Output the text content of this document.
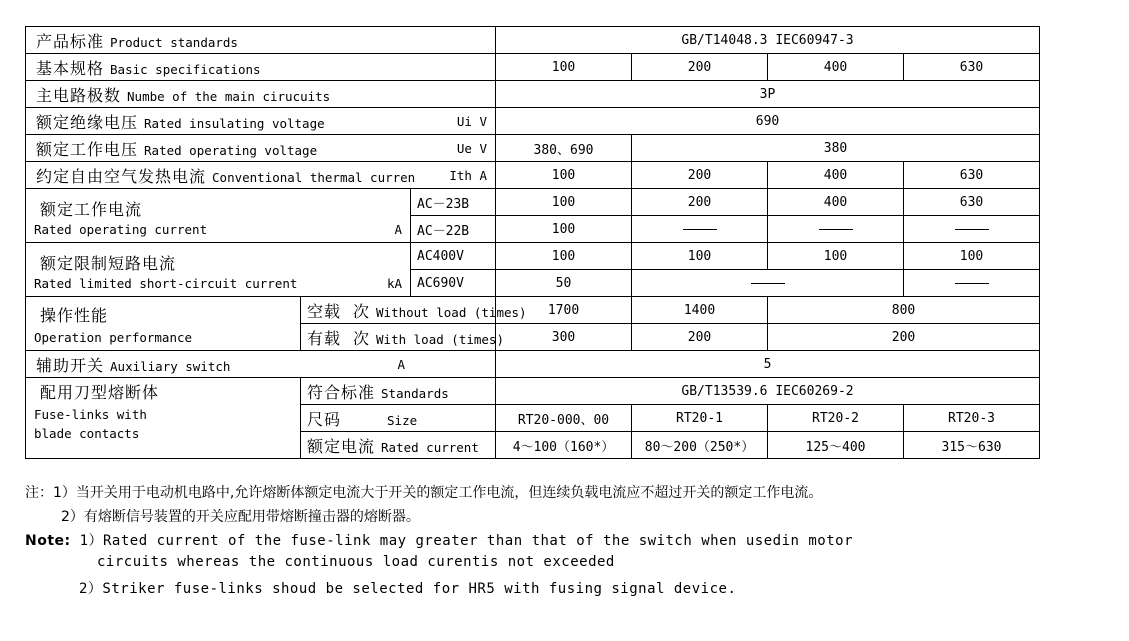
产品标准 Product standards			GB/T14048.3 IEC60947-3			
基本规格 Basic specifications			100	200	400	630
主电路极数 Numbe of the main cirucuits			3P			

额定绝缘电压 Rated insulating voltage Ui V			690			

额定工作电压 Rated operating voltage Ue V			380、690	380		

约定自由空气发热电流 Conventional thermal curren Ith A			100	200	400	630

额定工作电流
Rated operating current A		AC－23B	100	200	400	630
		AC－22B	100			

额定限制短路电流
Rated limited short-circuit current kA		AC400V	100	100	100	100
		AC690V	50			

操作性能
Operation performance	空载 次 Without load (times)		1700	1400	800	
	有载 次 With load (times)		300	200	200	

辅助开关 Auxiliary switch A			5			

配用刀型熔断体
Fuse-links with
blade contacts	符合标准 Standards		GB/T13539.6 IEC60269-2			
	尺码 Size		RT20-000、00	RT20-1	RT20-2	RT20-3
	额定电流 Rated current		4～100（160*）	80～200（250*）	125～400	315～630
注：1）当开关用于电动机电路中,允许熔断体额定电流大于开关的额定工作电流，但连续负载电流应不超过开关的额定工作电流。
2）有熔断信号装置的开关应配用带熔断撞击器的熔断器。
Note: 1）Rated current of the fuse-link may greater than that of the switch when usedin motor
circuits whereas the continuous load curentis not exceeded
2）Striker fuse-links shoud be selected for HR5 with fusing signal device.
